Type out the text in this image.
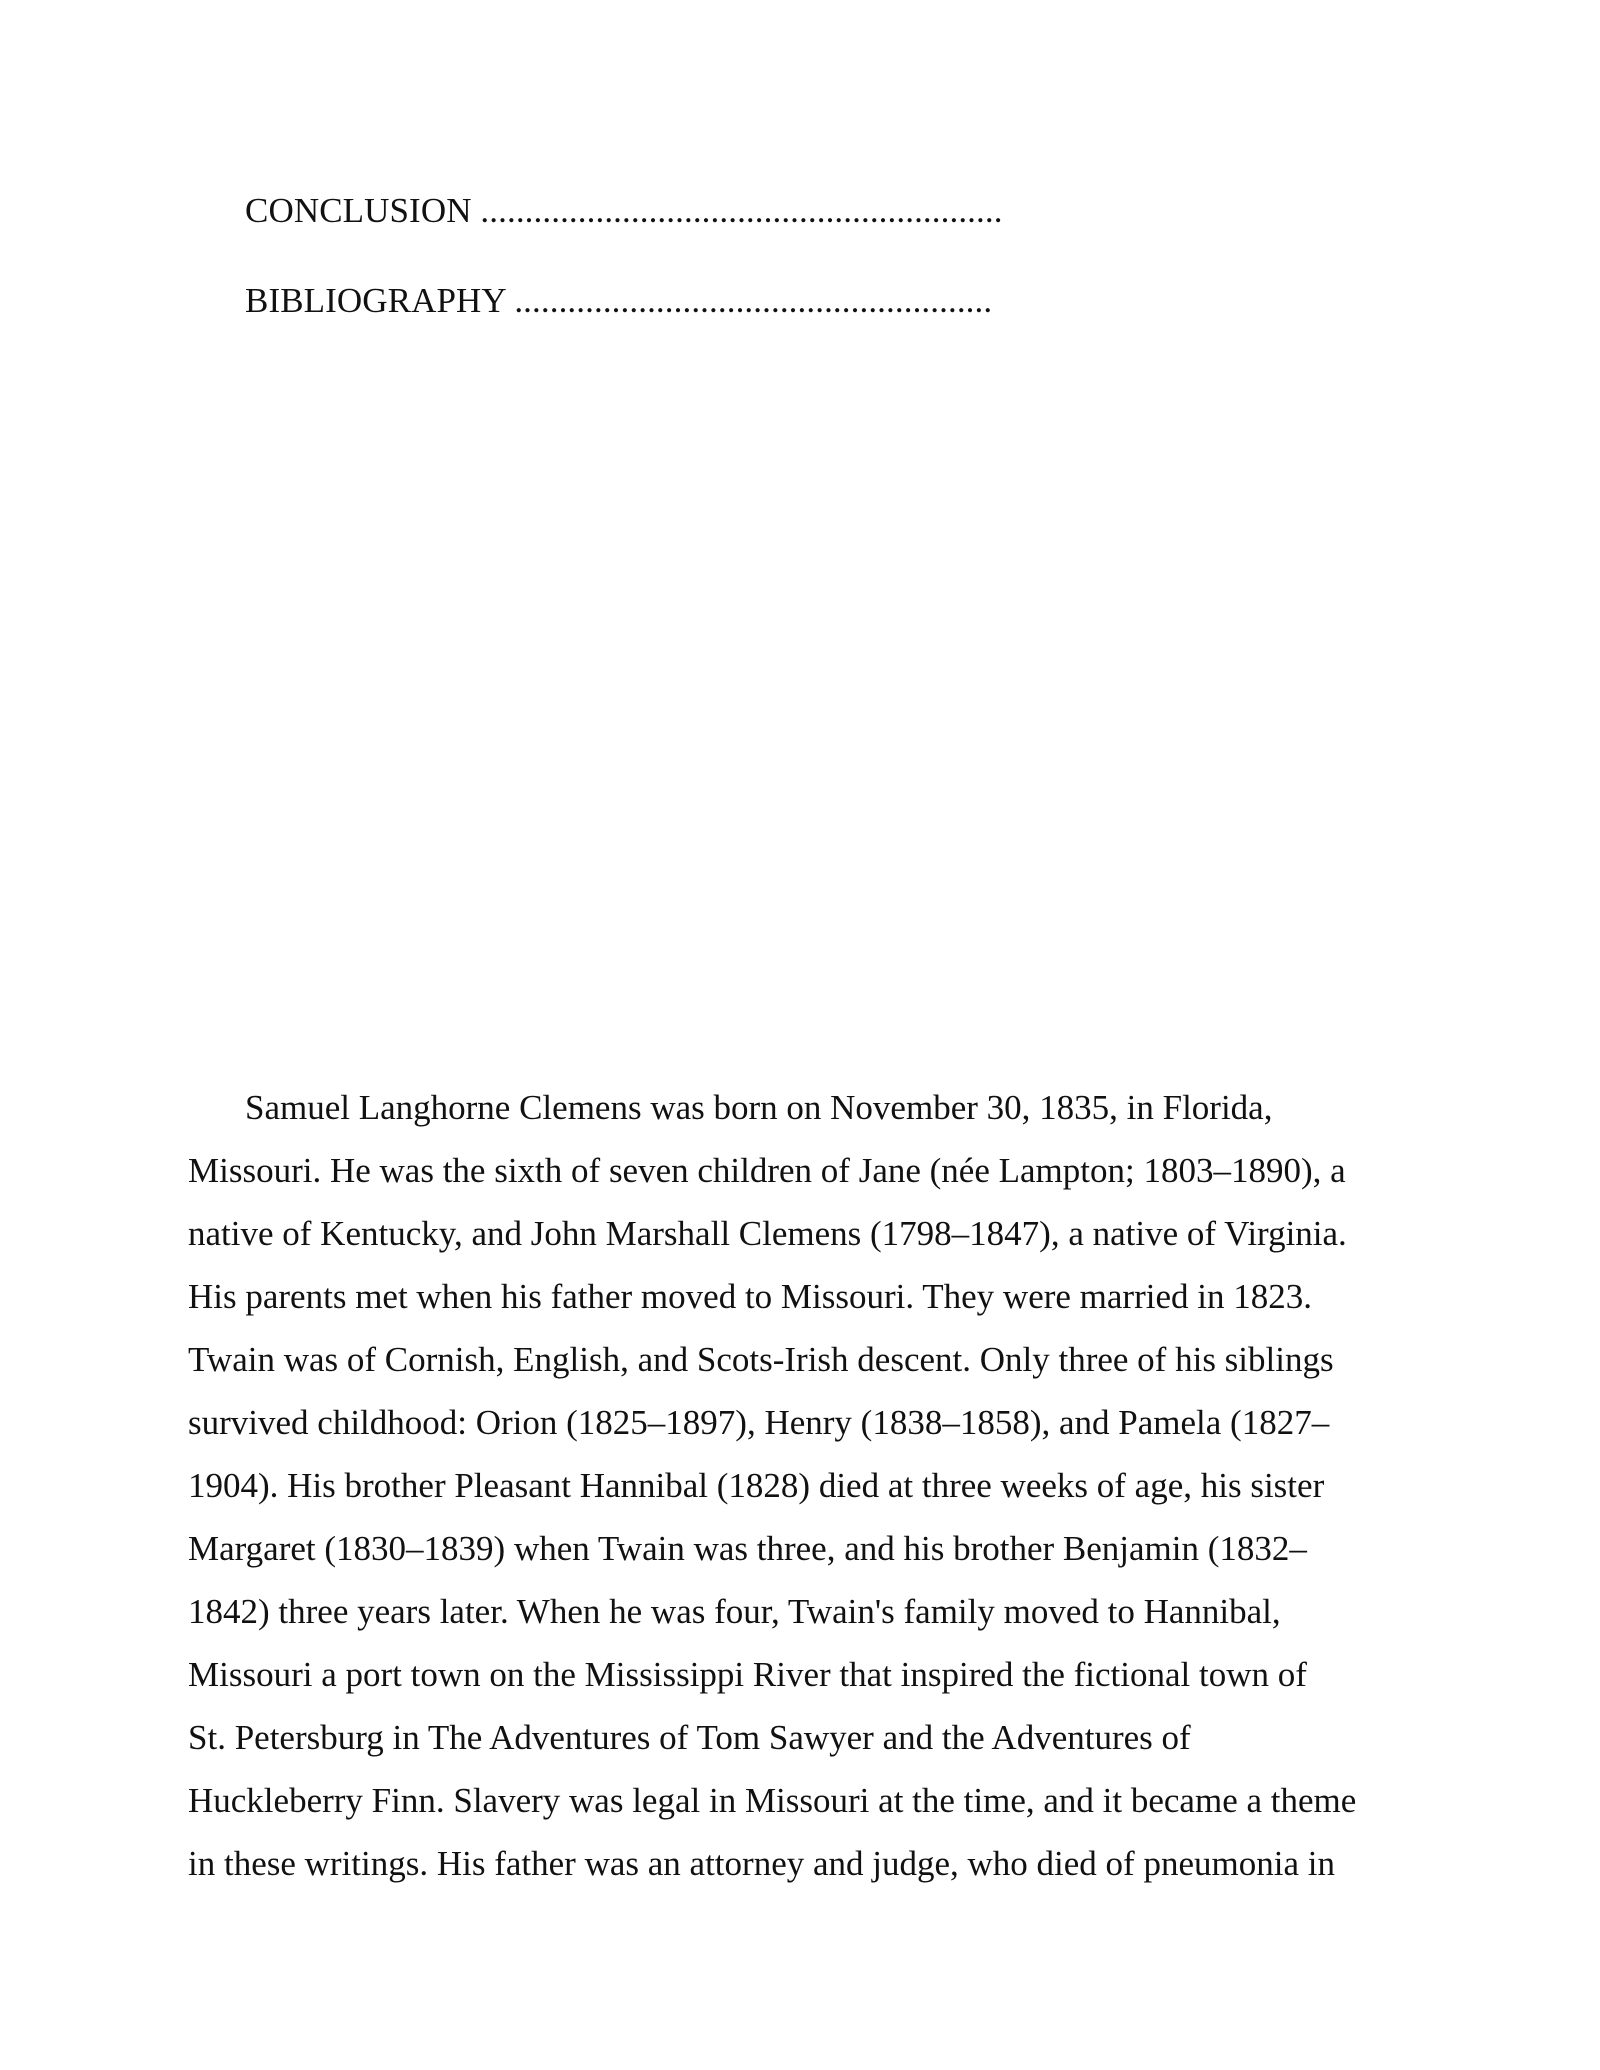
CONCLUSION ...........................................................
BIBLIOGRAPHY ......................................................
Samuel Langhorne Clemens was born on November 30, 1835, in Florida,
Missouri. He was the sixth of seven children of Jane (née Lampton; 1803–1890), a
native of Kentucky, and John Marshall Clemens (1798–1847), a native of Virginia.
His parents met when his father moved to Missouri. They were married in 1823.
Twain was of Cornish, English, and Scots-Irish descent. Only three of his siblings
survived childhood: Orion (1825–1897), Henry (1838–1858), and Pamela (1827–
1904). His brother Pleasant Hannibal (1828) died at three weeks of age, his sister
Margaret (1830–1839) when Twain was three, and his brother Benjamin (1832–
1842) three years later. When he was four, Twain's family moved to Hannibal,
Missouri a port town on the Mississippi River that inspired the fictional town of
St. Petersburg in The Adventures of Tom Sawyer and the Adventures of
Huckleberry Finn. Slavery was legal in Missouri at the time, and it became a theme
in these writings. His father was an attorney and judge, who died of pneumonia in
